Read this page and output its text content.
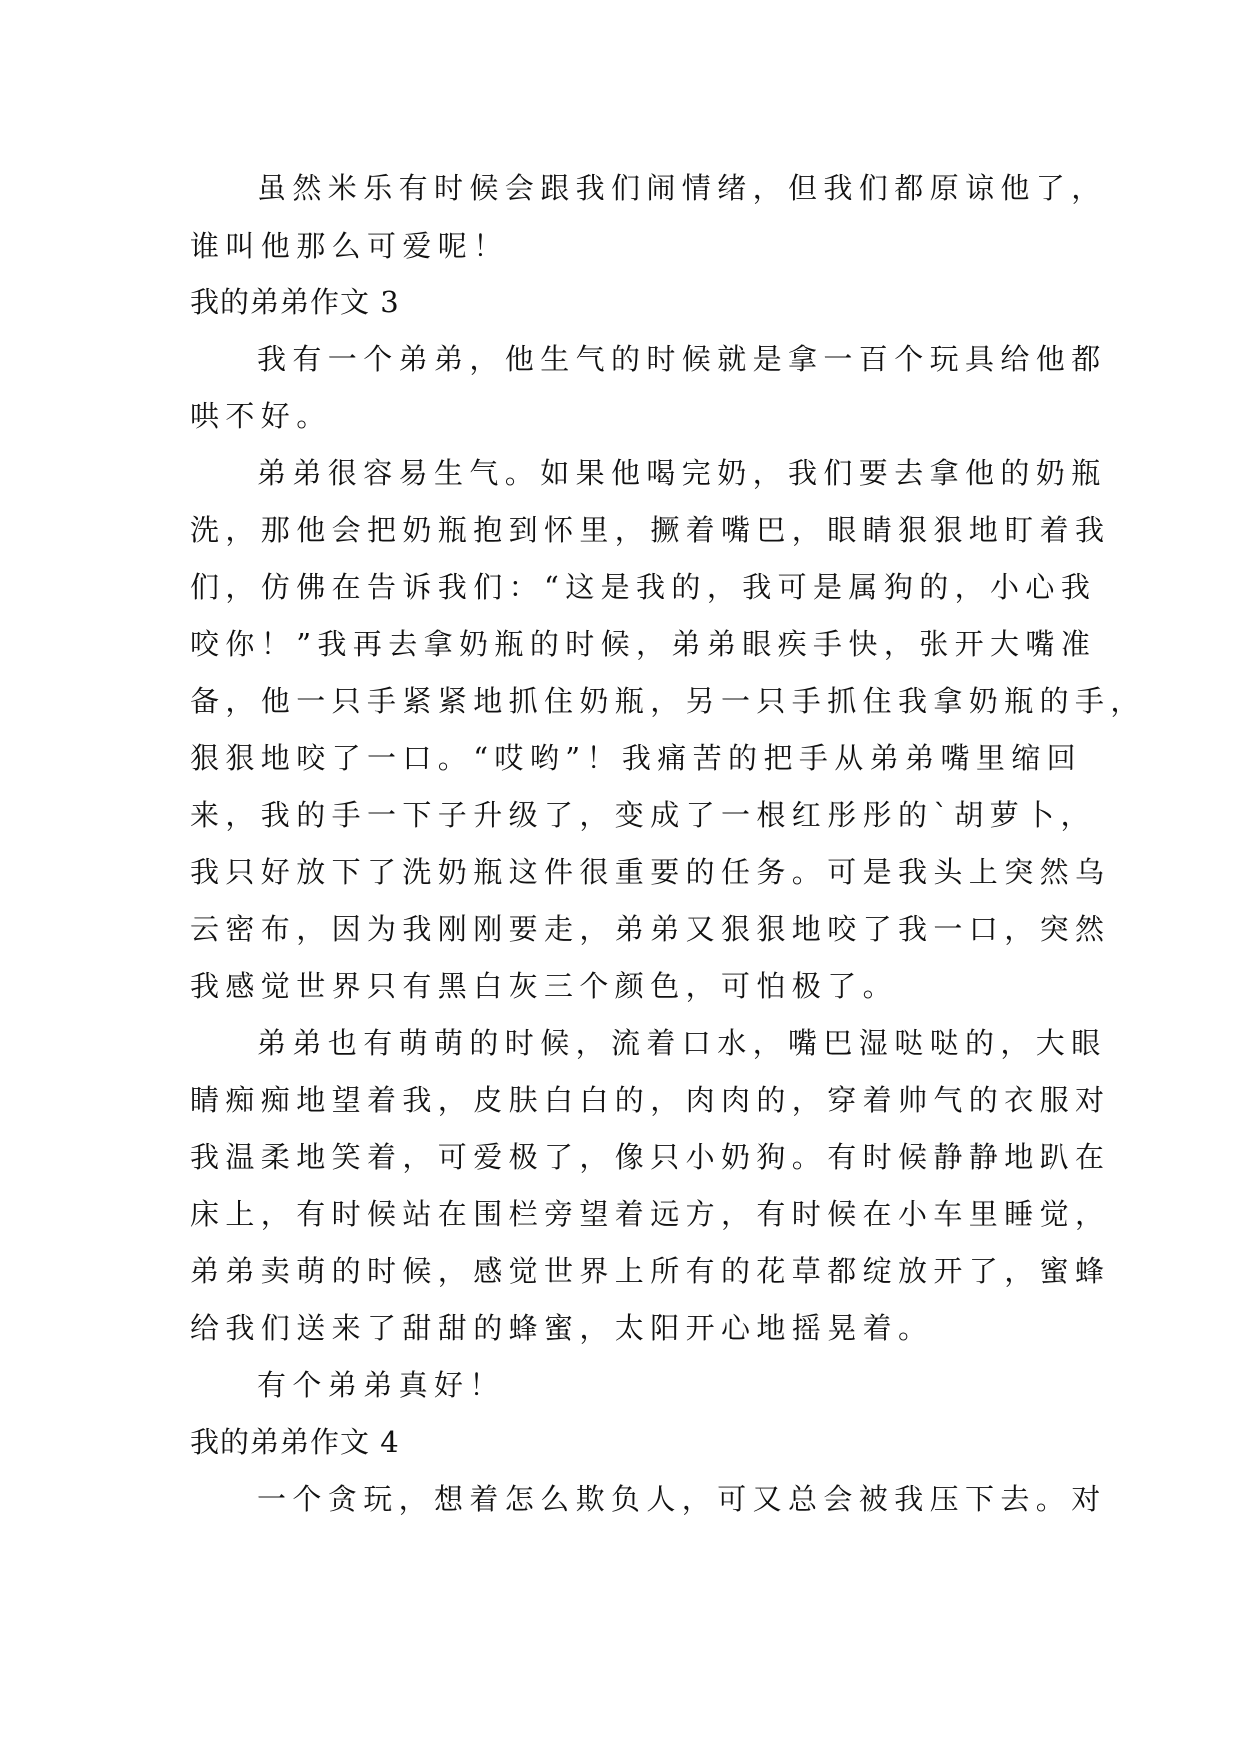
虽然米乐有时候会跟我们闹情绪，但我们都原谅他了，
谁叫他那么可爱呢！
我的弟弟作文 3
我有一个弟弟，他生气的时候就是拿一百个玩具给他都
哄不好。
弟弟很容易生气。如果他喝完奶，我们要去拿他的奶瓶
洗，那他会把奶瓶抱到怀里，撅着嘴巴，眼睛狠狠地盯着我
们，仿佛在告诉我们：“这是我的，我可是属狗的，小心我
咬你！”我再去拿奶瓶的时候，弟弟眼疾手快，张开大嘴准
备，他一只手紧紧地抓住奶瓶，另一只手抓住我拿奶瓶的手，
狠狠地咬了一口。“哎哟”！我痛苦的把手从弟弟嘴里缩回
来，我的手一下子升级了，变成了一根红彤彤的`胡萝卜，
我只好放下了洗奶瓶这件很重要的任务。可是我头上突然乌
云密布，因为我刚刚要走，弟弟又狠狠地咬了我一口，突然
我感觉世界只有黑白灰三个颜色，可怕极了。
弟弟也有萌萌的时候，流着口水，嘴巴湿哒哒的，大眼
睛痴痴地望着我，皮肤白白的，肉肉的，穿着帅气的衣服对
我温柔地笑着，可爱极了，像只小奶狗。有时候静静地趴在
床上，有时候站在围栏旁望着远方，有时候在小车里睡觉，
弟弟卖萌的时候，感觉世界上所有的花草都绽放开了，蜜蜂
给我们送来了甜甜的蜂蜜，太阳开心地摇晃着。
有个弟弟真好！
我的弟弟作文 4
一个贪玩，想着怎么欺负人，可又总会被我压下去。对
